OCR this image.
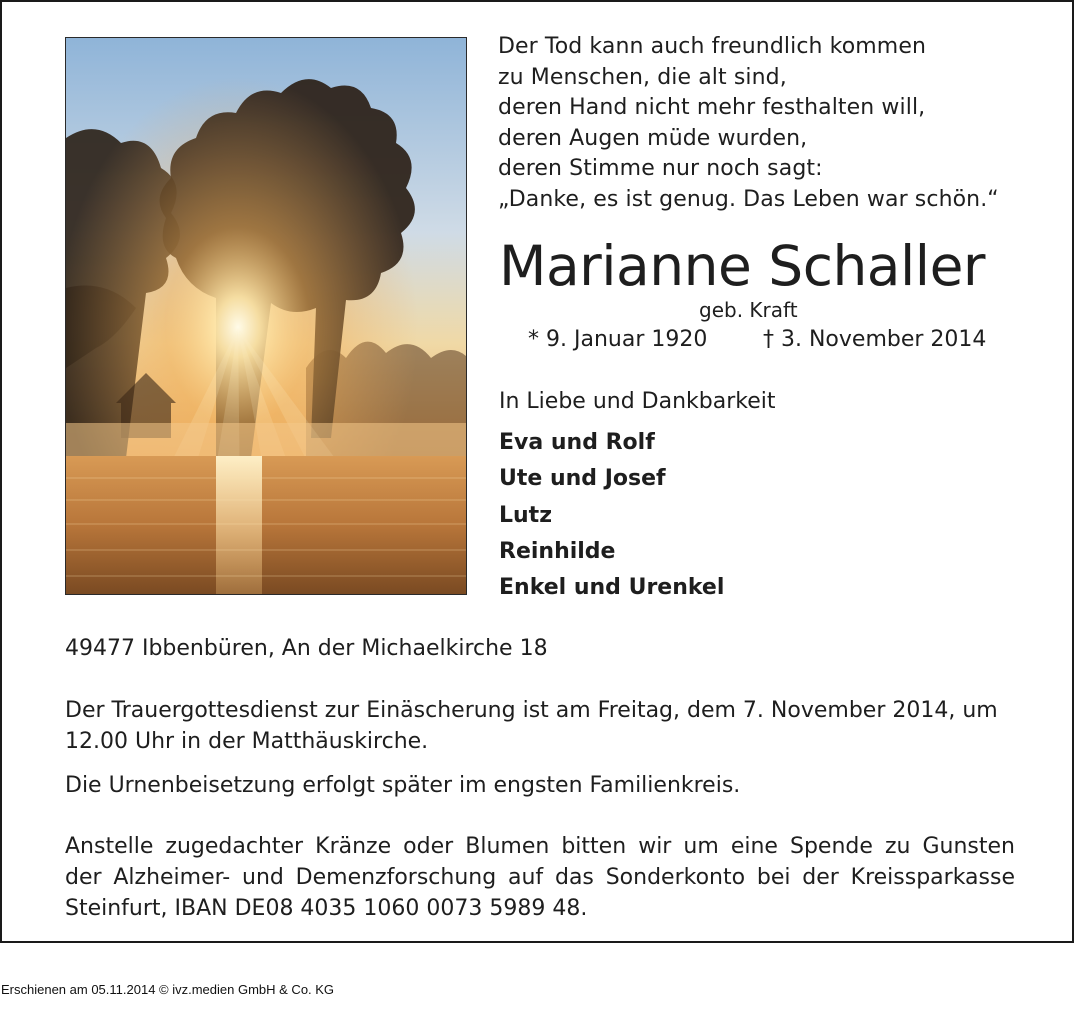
Der Tod kann auch freundlich kommen
zu Menschen, die alt sind,
deren Hand nicht mehr festhalten will,
deren Augen müde wurden,
deren Stimme nur noch sagt:
„Danke, es ist genug. Das Leben war schön.“
Marianne Schaller
geb. Kraft
* 9. Januar 1920	† 3. November 2014
In Liebe und Dankbarkeit
Eva und Rolf
Ute und Josef
Lutz
Reinhilde
Enkel und Urenkel
49477 Ibbenbüren, An der Michaelkirche 18
Der Trauergottesdienst zur Einäscherung ist am Freitag, dem 7. November 2014, um
12.00 Uhr in der Matthäuskirche.
Die Urnenbeisetzung erfolgt später im engsten Familienkreis.
Anstelle zugedachter Kränze oder Blumen bitten wir um eine Spende zu Gunsten
der Alzheimer- und Demenzforschung auf das Sonderkonto bei der Kreissparkasse
Steinfurt, IBAN DE08 4035 1060 0073 5989 48.
Erschienen am 05.11.2014 © ivz.medien GmbH & Co. KG
